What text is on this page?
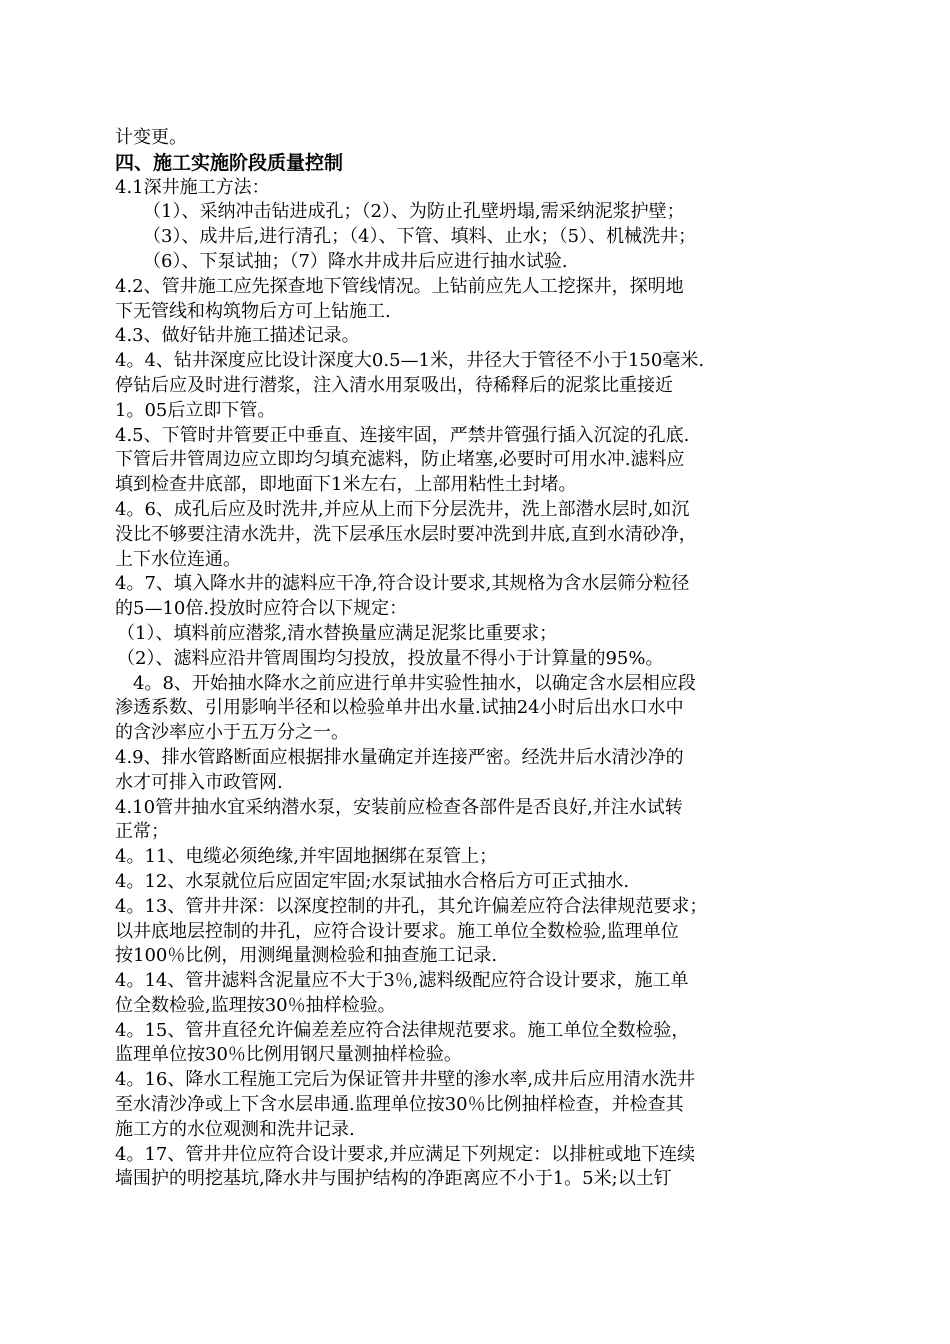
计变更。
四、施工实施阶段质量控制
4.1深井施工方法：
（1）、采纳冲击钻进成孔；（2）、为防止孔壁坍塌,需采纳泥浆护壁；
（3）、成井后,进行清孔；（4）、下管、填料、止水；（5）、机械洗井；
（6）、下泵试抽；（7）降水井成井后应进行抽水试验.
4.2、管井施工应先探查地下管线情况。上钻前应先人工挖探井，探明地
下无管线和构筑物后方可上钻施工.
4.3、做好钻井施工描述记录。
4。4、钻井深度应比设计深度大0.5—1米，井径大于管径不小于150毫米.
停钻后应及时进行潜浆，注入清水用泵吸出，待稀释后的泥浆比重接近
1。05后立即下管。
4.5、下管时井管要正中垂直、连接牢固，严禁井管强行插入沉淀的孔底.
下管后井管周边应立即均匀填充滤料，防止堵塞,必要时可用水冲.滤料应
填到检查井底部，即地面下1米左右，上部用粘性土封堵。
4。6、成孔后应及时洗井,并应从上而下分层洗井，洗上部潜水层时,如沉
没比不够要注清水洗井，洗下层承压水层时要冲洗到井底,直到水清砂净，
上下水位连通。
4。7、填入降水井的滤料应干净,符合设计要求,其规格为含水层筛分粒径
的5—10倍.投放时应符合以下规定：
（1）、填料前应潜浆,清水替换量应满足泥浆比重要求；
（2）、滤料应沿井管周围均匀投放，投放量不得小于计算量的95%。
4。8、开始抽水降水之前应进行单井实验性抽水，以确定含水层相应段
渗透系数、引用影响半径和以检验单井出水量.试抽24小时后出水口水中
的含沙率应小于五万分之一。
4.9、排水管路断面应根据排水量确定并连接严密。经洗井后水清沙净的
水才可排入市政管网.
4.10管井抽水宜采纳潜水泵，安装前应检查各部件是否良好,并注水试转
正常；
4。11、电缆必须绝缘,并牢固地捆绑在泵管上；
4。12、水泵就位后应固定牢固;水泵试抽水合格后方可正式抽水.
4。13、管井井深：以深度控制的井孔，其允许偏差应符合法律规范要求；
以井底地层控制的井孔，应符合设计要求。施工单位全数检验,监理单位
按100％比例，用测绳量测检验和抽查施工记录.
4。14、管井滤料含泥量应不大于3％,滤料级配应符合设计要求，施工单
位全数检验,监理按30％抽样检验。
4。15、管井直径允许偏差差应符合法律规范要求。施工单位全数检验，
监理单位按30％比例用钢尺量测抽样检验。
4。16、降水工程施工完后为保证管井井壁的渗水率,成井后应用清水洗井
至水清沙净或上下含水层串通.监理单位按30％比例抽样检查，并检查其
施工方的水位观测和洗井记录.
4。17、管井井位应符合设计要求,并应满足下列规定：以排桩或地下连续
墙围护的明挖基坑,降水井与围护结构的净距离应不小于1。5米;以土钉
